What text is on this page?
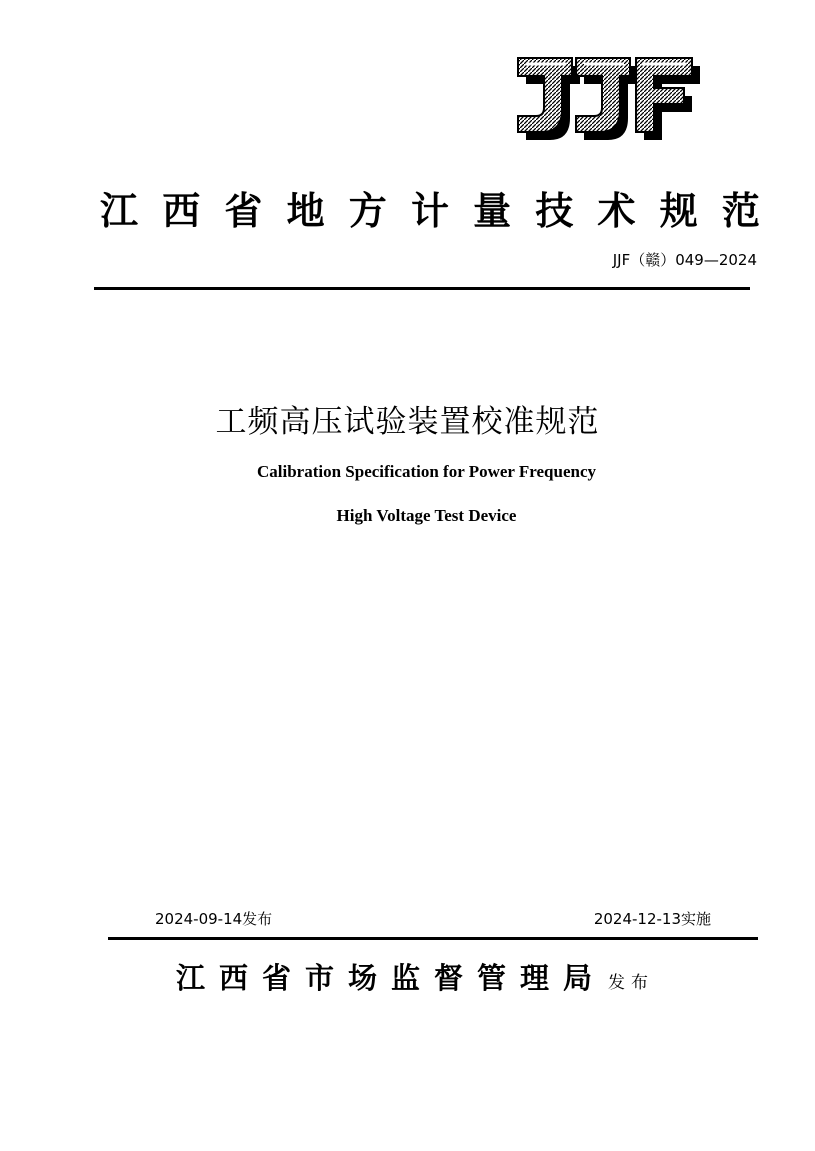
江 西 省 地 方 计 量 技 术 规 范
JJF（赣）049—2024
工频高压试验装置校准规范
Calibration Specification for Power Frequency
High Voltage Test Device
2024-09-14发布	2024-12-13实施
江西省市场监督管理局 发布
